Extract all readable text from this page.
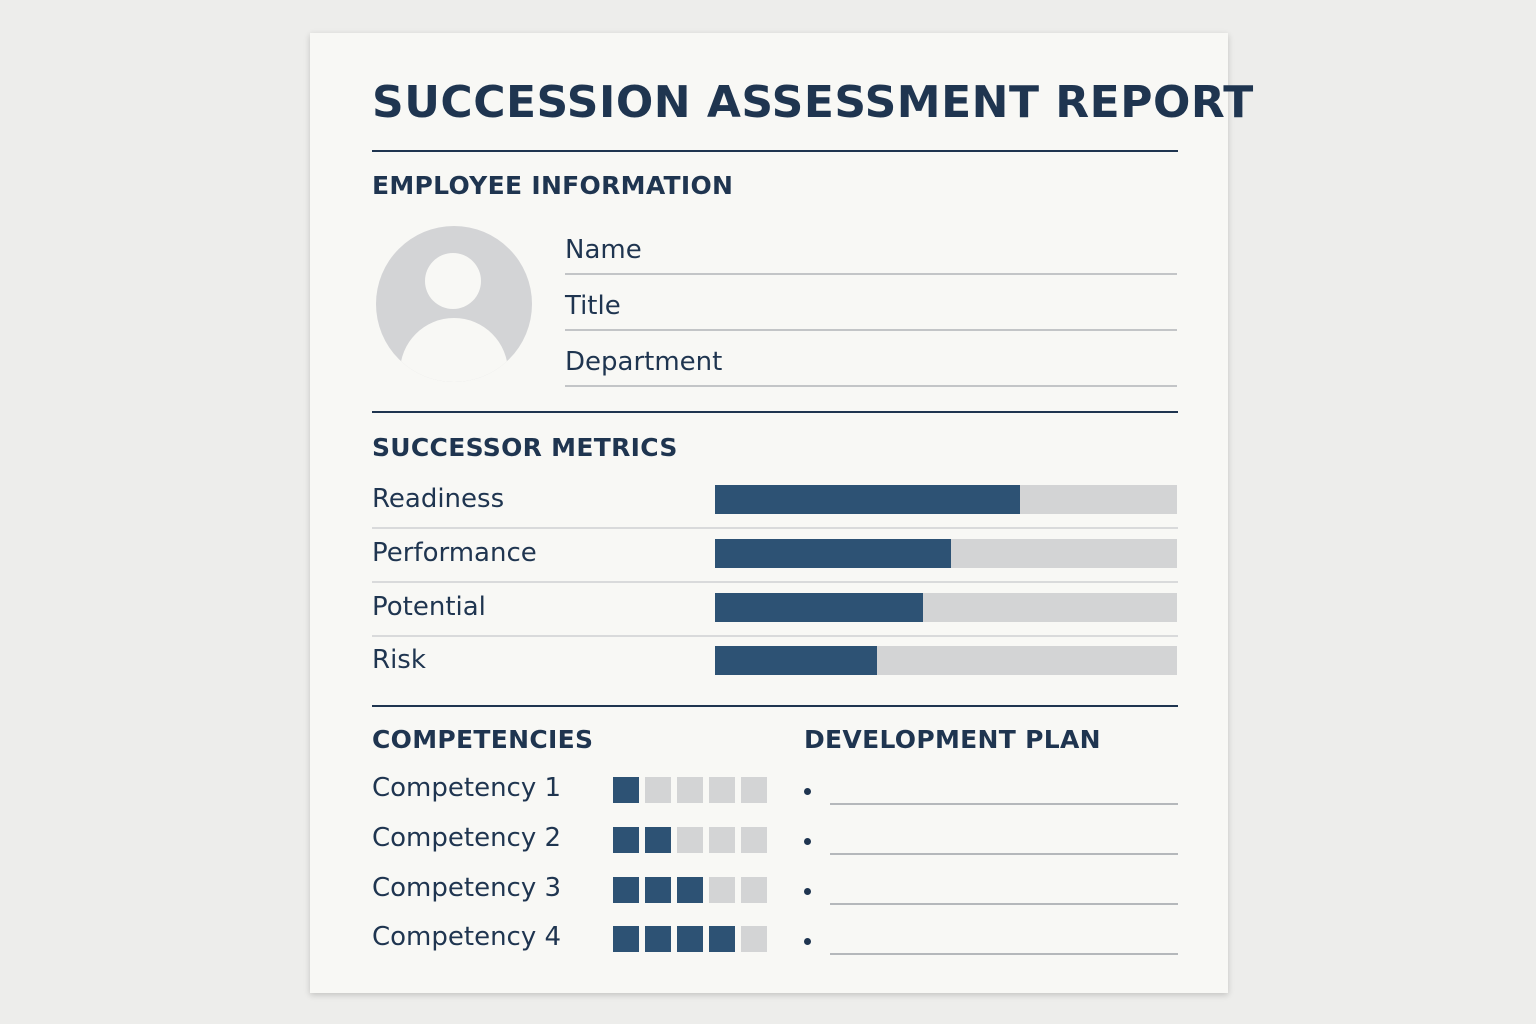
SUCCESSION ASSESSMENT REPORT
EMPLOYEE INFORMATION
Name
Title
Department
SUCCESSOR METRICS
Readiness
Performance
Potential
Risk
COMPETENCIES
Competency 1
Competency 2
Competency 3
Competency 4
DEVELOPMENT PLAN
